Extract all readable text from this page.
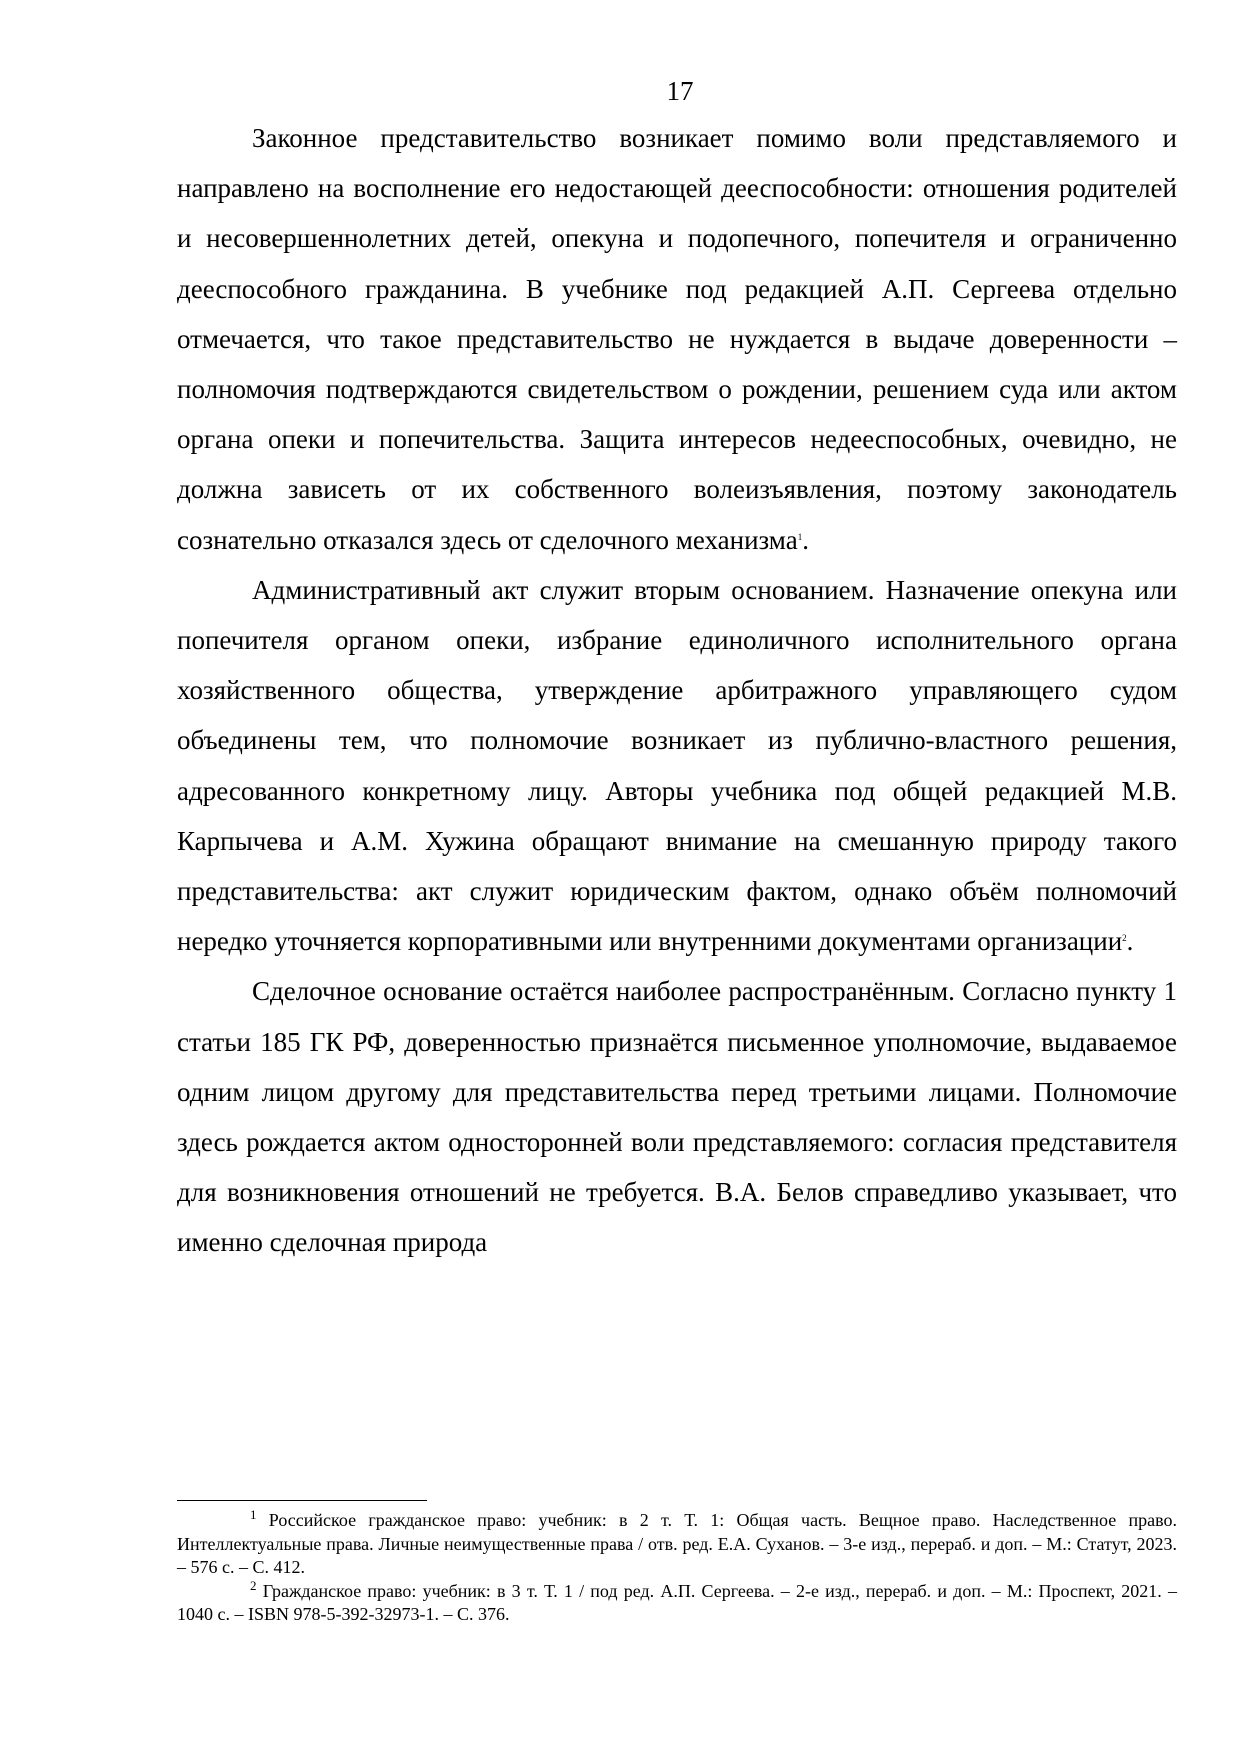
17

Законное представительство возникает помимо воли представляемого и направлено на восполнение его недостающей дееспособности: отношения родителей и несовершеннолетних детей, опекуна и подопечного, попечителя и ограниченно дееспособного гражданина. В учебнике под редакцией А.П. Сергеева отдельно отмечается, что такое представительство не нуждается в выдаче доверенности – полномочия подтверждаются свидетельством о рождении, решением суда или актом органа опеки и попечительства. Защита интересов недееспособных, очевидно, не должна зависеть от их собственного волеизъявления, поэтому законодатель сознательно отказался здесь от сделочного механизма$^1$.

Административный акт служит вторым основанием. Назначение опекуна или попечителя органом опеки, избрание единоличного исполнительного органа хозяйственного общества, утверждение арбитражного управляющего судом объединены тем, что полномочие возникает из публично-властного решения, адресованного конкретному лицу. Авторы учебника под общей редакцией М.В. Карпычева и А.М. Хужина обращают внимание на смешанную природу такого представительства: акт служит юридическим фактом, однако объём полномочий нередко уточняется корпоративными или внутренними документами организации$^2$.

Сделочное основание остаётся наиболее распространённым. Согласно пункту 1 статьи 185 ГК РФ, доверенностью признаётся письменное уполномочие, выдаваемое одним лицом другому для представительства перед третьими лицами. Полномочие здесь рождается актом односторонней воли представляемого: согласия представителя для возникновения отношений не требуется. В.А. Белов справедливо указывает, что именно сделочная природа

$^1$ Российское гражданское право: учебник: в 2 т. Т. 1: Общая часть. Вещное право. Наследственное право. Интеллектуальные права. Личные неимущественные права / отв. ред. Е.А. Суханов. – 3-е изд., перераб. и доп. – М.: Статут, 2023. – 576 с. – С. 412.

$^2$ Гражданское право: учебник: в 3 т. Т. 1 / под ред. А.П. Сергеева. – 2-е изд., перераб. и доп. – М.: Проспект, 2021. – 1040 с. – ISBN 978-5-392-32973-1. – С. 376.
